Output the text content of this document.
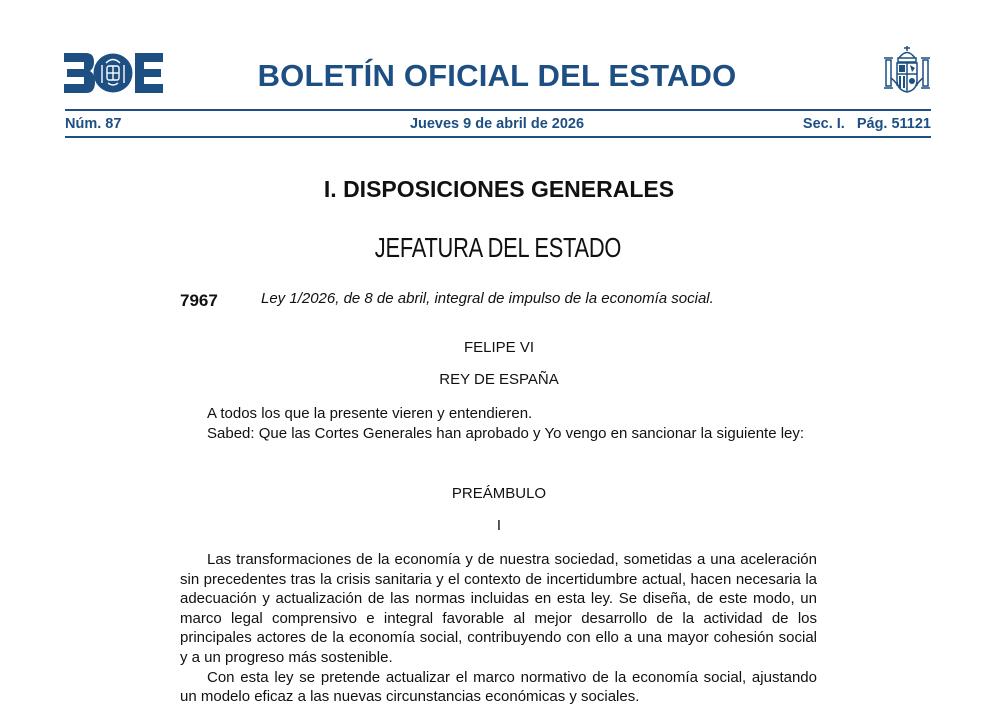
BOLETÍN OFICIAL DEL ESTADO
Núm. 87	Jueves 9 de abril de 2026	Sec. I. Pág. 51121
I. DISPOSICIONES GENERALES
JEFATURA DEL ESTADO
7967	Ley 1/2026, de 8 de abril, integral de impulso de la economía social.
FELIPE VI
REY DE ESPAÑA

A todos los que la presente vieren y entendieren.

Sabed: Que las Cortes Generales han aprobado y Yo vengo en sancionar la siguiente ley:

PREÁMBULO
I

Las transformaciones de la economía y de nuestra sociedad, sometidas a una aceleración sin precedentes tras la crisis sanitaria y el contexto de incertidumbre actual, hacen necesaria la adecuación y actualización de las normas incluidas en esta ley. Se diseña, de este modo, un marco legal comprensivo e integral favorable al mejor desarrollo de la actividad de los principales actores de la economía social, contribuyendo con ello a una mayor cohesión social y a un progreso más sostenible.

Con esta ley se pretende actualizar el marco normativo de la economía social, ajustando un modelo eficaz a las nuevas circunstancias económicas y sociales.
